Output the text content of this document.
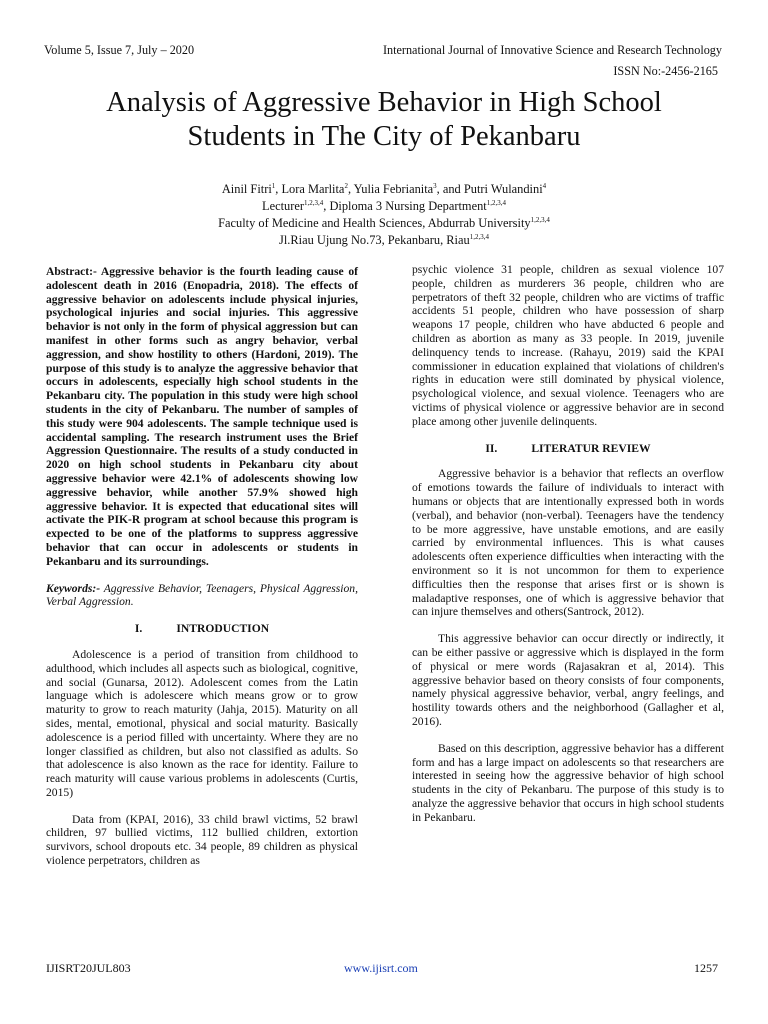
Volume 5, Issue 7, July – 2020	International Journal of Innovative Science and Research Technology
ISSN No:-2456-2165
Analysis of Aggressive Behavior in High School
Students in The City of Pekanbaru
Ainil Fitri$^1$, Lora Marlita$^2$, Yulia Febrianita$^3$, and Putri Wulandini$^4$
Lecturer$^{1,2,3,4}$, Diploma 3 Nursing Department$^{1,2,3,4}$
Faculty of Medicine and Health Sciences, Abdurrab University$^{1,2,3,4}$
Jl.Riau Ujung No.73, Pekanbaru, Riau$^{1,2,3,4}$

Abstract:- Aggressive behavior is the fourth leading cause of adolescent death in 2016 (Enopadria, 2018). The effects of aggressive behavior on adolescents include physical injuries, psychological injuries and social injuries. This aggressive behavior is not only in the form of physical aggression but can manifest in other forms such as angry behavior, verbal aggression, and show hostility to others (Hardoni, 2019). The purpose of this study is to analyze the aggressive behavior that occurs in adolescents, especially high school students in the Pekanbaru city. The population in this study were high school students in the city of Pekanbaru. The number of samples of this study were 904 adolescents. The sample technique used is accidental sampling. The research instrument uses the Brief Aggression Questionnaire. The results of a study conducted in 2020 on high school students in Pekanbaru city about aggressive behavior were 42.1% of adolescents showing low aggressive behavior, while another 57.9% showed high aggressive behavior. It is expected that educational sites will activate the PIK-R program at school because this program is expected to be one of the platforms to suppress aggressive behavior that can occur in adolescents or students in Pekanbaru and its surroundings.

Keywords:- Aggressive Behavior, Teenagers, Physical Aggression, Verbal Aggression.

I.	INTRODUCTION

Adolescence is a period of transition from childhood to adulthood, which includes all aspects such as biological, cognitive, and social (Gunarsa, 2012). Adolescent comes from the Latin language which is adolescere which means grow or to grow maturity to grow to reach maturity (Jahja, 2015). Maturity on all sides, mental, emotional, physical and social maturity. Basically adolescence is a period filled with uncertainty. Where they are no longer classified as children, but also not classified as adults. So that adolescence is also known as the race for identity. Failure to reach maturity will cause various problems in adolescents (Curtis, 2015)

Data from (KPAI, 2016), 33 child brawl victims, 52 brawl children, 97 bullied victims, 112 bullied children, extortion survivors, school dropouts etc. 34 people, 89 children as physical violence perpetrators, children as

psychic violence 31 people, children as sexual violence 107 people, children as murderers 36 people, children who are perpetrators of theft 32 people, children who are victims of traffic accidents 51 people, children who have possession of sharp weapons 17 people, children who have abducted 6 people and children as abortion as many as 33 people. In 2019, juvenile delinquency tends to increase. (Rahayu, 2019) said the KPAI commissioner in education explained that violations of children's rights in education were still dominated by physical violence, psychological violence, and sexual violence. Teenagers who are victims of physical violence or aggressive behavior are in second place among other juvenile delinquents.

II.	LITERATUR REVIEW

Aggressive behavior is a behavior that reflects an overflow of emotions towards the failure of individuals to interact with humans or objects that are intentionally expressed both in words (verbal), and behavior (non-verbal). Teenagers have the tendency to be more aggressive, have unstable emotions, and are easily carried by environmental influences. This is what causes adolescents often experience difficulties when interacting with the environment so it is not uncommon for them to experience difficulties then the response that arises first or is shown is maladaptive responses, one of which is aggressive behavior that can injure themselves and others(Santrock, 2012).

This aggressive behavior can occur directly or indirectly, it can be either passive or aggressive which is displayed in the form of physical or mere words (Rajasakran et al, 2014). This aggressive behavior based on theory consists of four components, namely physical aggressive behavior, verbal, angry feelings, and hostility towards others and the neighborhood (Gallagher et al, 2016).

Based on this description, aggressive behavior has a different form and has a large impact on adolescents so that researchers are interested in seeing how the aggressive behavior of high school students in the city of Pekanbaru. The purpose of this study is to analyze the aggressive behavior that occurs in high school students in Pekanbaru.

IJISRT20JUL803	www.ijisrt.com	1257
